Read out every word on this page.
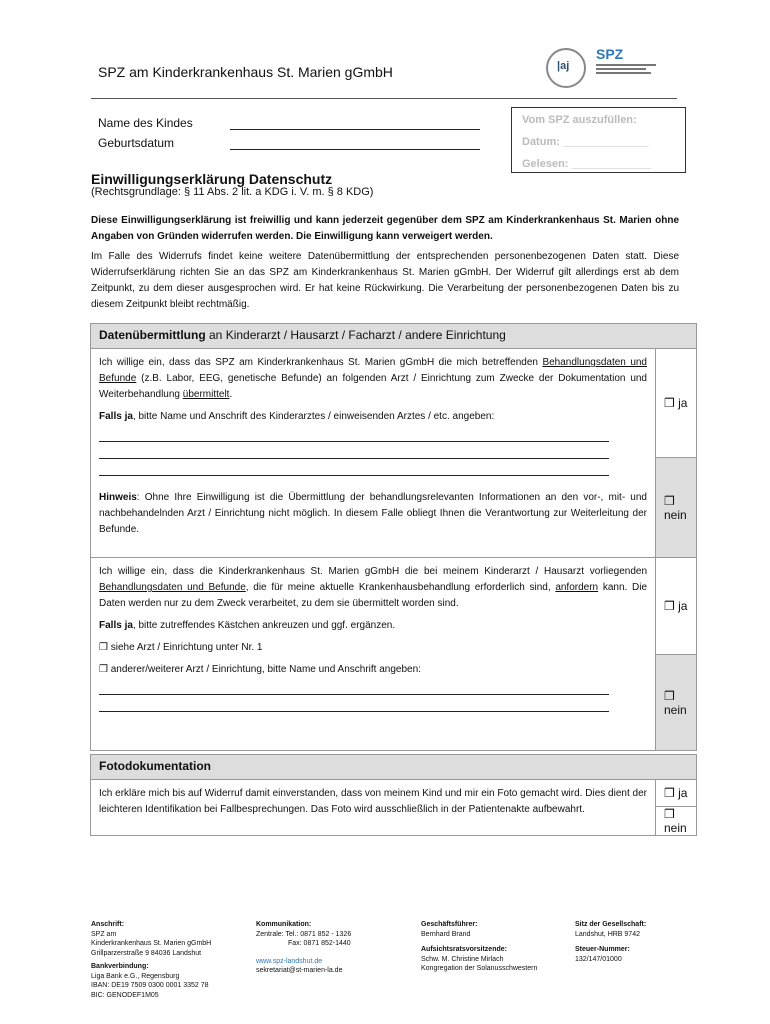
SPZ am Kinderkrankenhaus St. Marien gGmbH	|aj
SPZ
Name des Kindes
Geburtsdatum
Vom SPZ auszufüllen:
Datum: ______________
Gelesen: _____________
Einwilligungserklärung Datenschutz
(Rechtsgrundlage: § 11 Abs. 2 lit. a KDG i. V. m. § 8 KDG)
Diese Einwilligungserklärung ist freiwillig und kann jederzeit gegenüber dem SPZ am Kinderkrankenhaus St. Marien ohne Angaben von Gründen widerrufen werden. Die Einwilligung kann verweigert werden.
Im Falle des Widerrufs findet keine weitere Datenübermittlung der entsprechenden personenbezogenen Daten statt. Diese Widerrufserklärung richten Sie an das SPZ am Kinderkrankenhaus St. Marien gGmbH. Der Widerruf gilt allerdings erst ab dem Zeitpunkt, zu dem dieser ausgesprochen wird. Er hat keine Rückwirkung. Die Verarbeitung der personenbezogenen Daten bis zu diesem Zeitpunkt bleibt rechtmäßig.
Datenübermittlung an Kinderarzt / Hausarzt / Facharzt / andere Einrichtung	
Ich willige ein, dass das SPZ am Kinderkrankenhaus St. Marien gGmbH die mich betreffenden Behandlungsdaten und Befunde (z.B. Labor, EEG, genetische Befunde) an folgenden Arzt / Einrichtung zum Zwecke der Dokumentation und Weiterbehandlung übermittelt.
Falls ja, bitte Name und Anschrift des Kinderarztes / einweisenden Arztes / etc. angeben:
Hinweis: Ohne Ihre Einwilligung ist die Übermittlung der behandlungsrelevanten Informationen an den vor-, mit- und nachbehandelnden Arzt / Einrichtung nicht möglich. In diesem Falle obliegt Ihnen die Verantwortung zur Weiterleitung der Befunde.	❒ ja
	❒ nein
Ich willige ein, dass die Kinderkrankenhaus St. Marien gGmbH die bei meinem Kinderarzt / Hausarzt vorliegenden Behandlungsdaten und Befunde, die für meine aktuelle Krankenhausbehandlung erforderlich sind, anfordern kann. Die Daten werden nur zu dem Zweck verarbeitet, zu dem sie übermittelt worden sind.
Falls ja, bitte zutreffendes Kästchen ankreuzen und ggf. ergänzen.
❒ siehe Arzt / Einrichtung unter Nr. 1
❒ anderer/weiterer Arzt / Einrichtung, bitte Name und Anschrift angeben:	❒ ja
	❒ nein
Fotodokumentation
Ich erkläre mich bis auf Widerruf damit einverstanden, dass von meinem Kind und mir ein Foto gemacht wird. Dies dient der leichteren Identifikation bei Fallbesprechungen. Das Foto wird ausschließlich in der Patientenakte aufbewahrt.	❒ ja
❒ nein
Anschrift:
SPZ am
Kinderkrankenhaus St. Marien gGmbH
Grillparzerstraße 9 84036 Landshut
Bankverbindung:
Liga Bank e.G., Regensburg
IBAN: DE19 7509 0300 0001 3352 78
BIC: GENODEF1M05
Kommunikation:
Zentrale: Tel.: 0871 852 - 1326
Fax: 0871 852-1440
www.spz-landshut.de
sekretariat@st-marien-la.de
Geschäftsführer:
Bernhard Brand
Aufsichtsratsvorsitzende:
Schw. M. Christine Mirlach
Kongregation der Solanusschwestern
Sitz der Gesellschaft:
Landshut, HRB 9742
Steuer-Nummer:
132/147/01000
